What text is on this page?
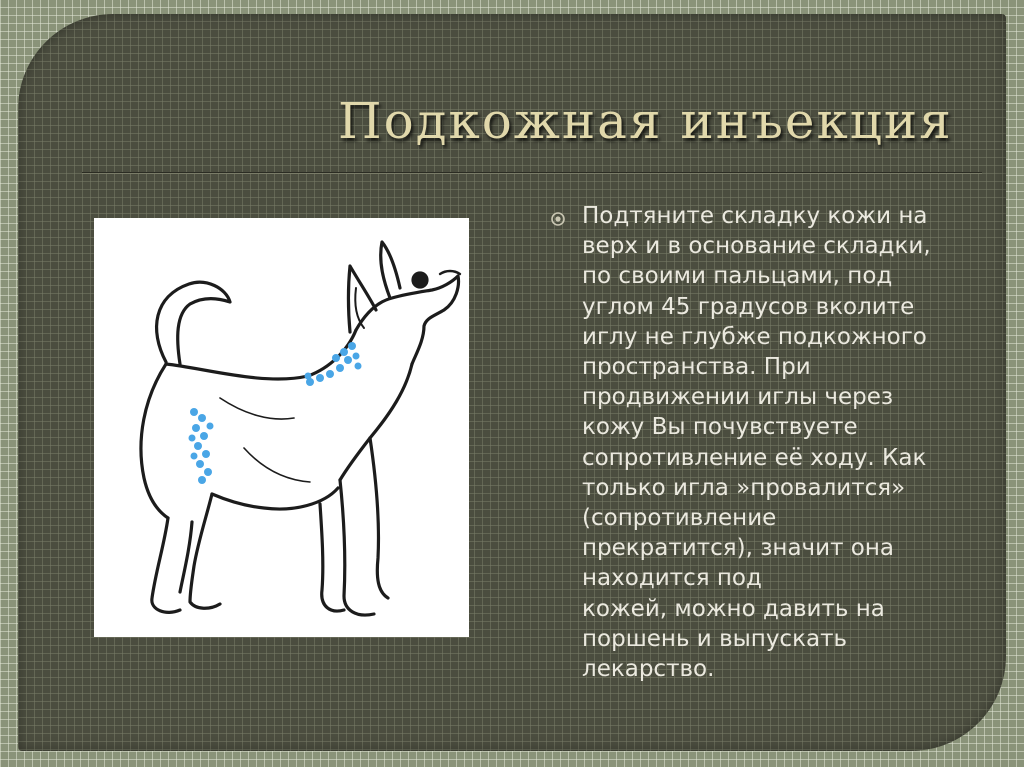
Подкожная инъекция

Подтяните складку кожи на
верх и в основание складки,
по своими пальцами, под
углом 45 градусов вколите
иглу не глубже подкожного
пространства. При
продвижении иглы через
кожу Вы почувствуете
сопротивление её ходу. Как
только игла »провалится»
(сопротивление
прекратится), значит она
находится под
кожей, можно давить на
поршень и выпускать
лекарство.
